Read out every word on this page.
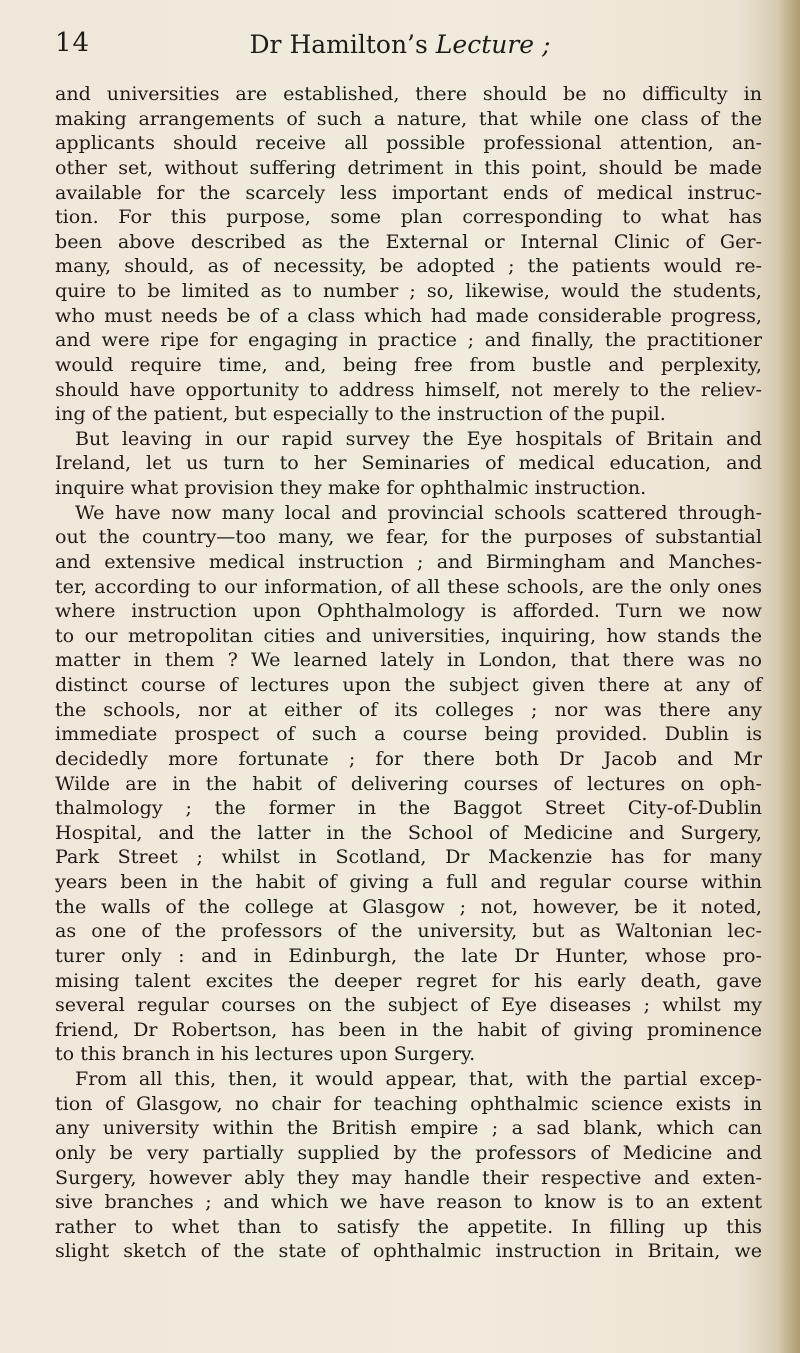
14	Dr Hamilton’s Lecture ;
and universities are established, there should be no difficulty in
making arrangements of such a nature, that while one class of the
applicants should receive all possible professional attention, an-
other set, without suffering detriment in this point, should be made
available for the scarcely less important ends of medical instruc-
tion. For this purpose, some plan corresponding to what has
been above described as the External or Internal Clinic of Ger-
many, should, as of necessity, be adopted ; the patients would re-
quire to be limited as to number ; so, likewise, would the students,
who must needs be of a class which had made considerable progress,
and were ripe for engaging in practice ; and finally, the practitioner
would require time, and, being free from bustle and perplexity,
should have opportunity to address himself, not merely to the reliev-
ing of the patient, but especially to the instruction of the pupil.
But leaving in our rapid survey the Eye hospitals of Britain and
Ireland, let us turn to her Seminaries of medical education, and
inquire what provision they make for ophthalmic instruction.
We have now many local and provincial schools scattered through-
out the country—too many, we fear, for the purposes of substantial
and extensive medical instruction ; and Birmingham and Manches-
ter, according to our information, of all these schools, are the only ones
where instruction upon Ophthalmology is afforded. Turn we now
to our metropolitan cities and universities, inquiring, how stands the
matter in them ? We learned lately in London, that there was no
distinct course of lectures upon the subject given there at any of
the schools, nor at either of its colleges ; nor was there any
immediate prospect of such a course being provided. Dublin is
decidedly more fortunate ; for there both Dr Jacob and Mr
Wilde are in the habit of delivering courses of lectures on oph-
thalmology ; the former in the Baggot Street City-of-Dublin
Hospital, and the latter in the School of Medicine and Surgery,
Park Street ; whilst in Scotland, Dr Mackenzie has for many
years been in the habit of giving a full and regular course within
the walls of the college at Glasgow ; not, however, be it noted,
as one of the professors of the university, but as Waltonian lec-
turer only : and in Edinburgh, the late Dr Hunter, whose pro-
mising talent excites the deeper regret for his early death, gave
several regular courses on the subject of Eye diseases ; whilst my
friend, Dr Robertson, has been in the habit of giving prominence
to this branch in his lectures upon Surgery.
From all this, then, it would appear, that, with the partial excep-
tion of Glasgow, no chair for teaching ophthalmic science exists in
any university within the British empire ; a sad blank, which can
only be very partially supplied by the professors of Medicine and
Surgery, however ably they may handle their respective and exten-
sive branches ; and which we have reason to know is to an extent
rather to whet than to satisfy the appetite. In filling up this
slight sketch of the state of ophthalmic instruction in Britain, we
